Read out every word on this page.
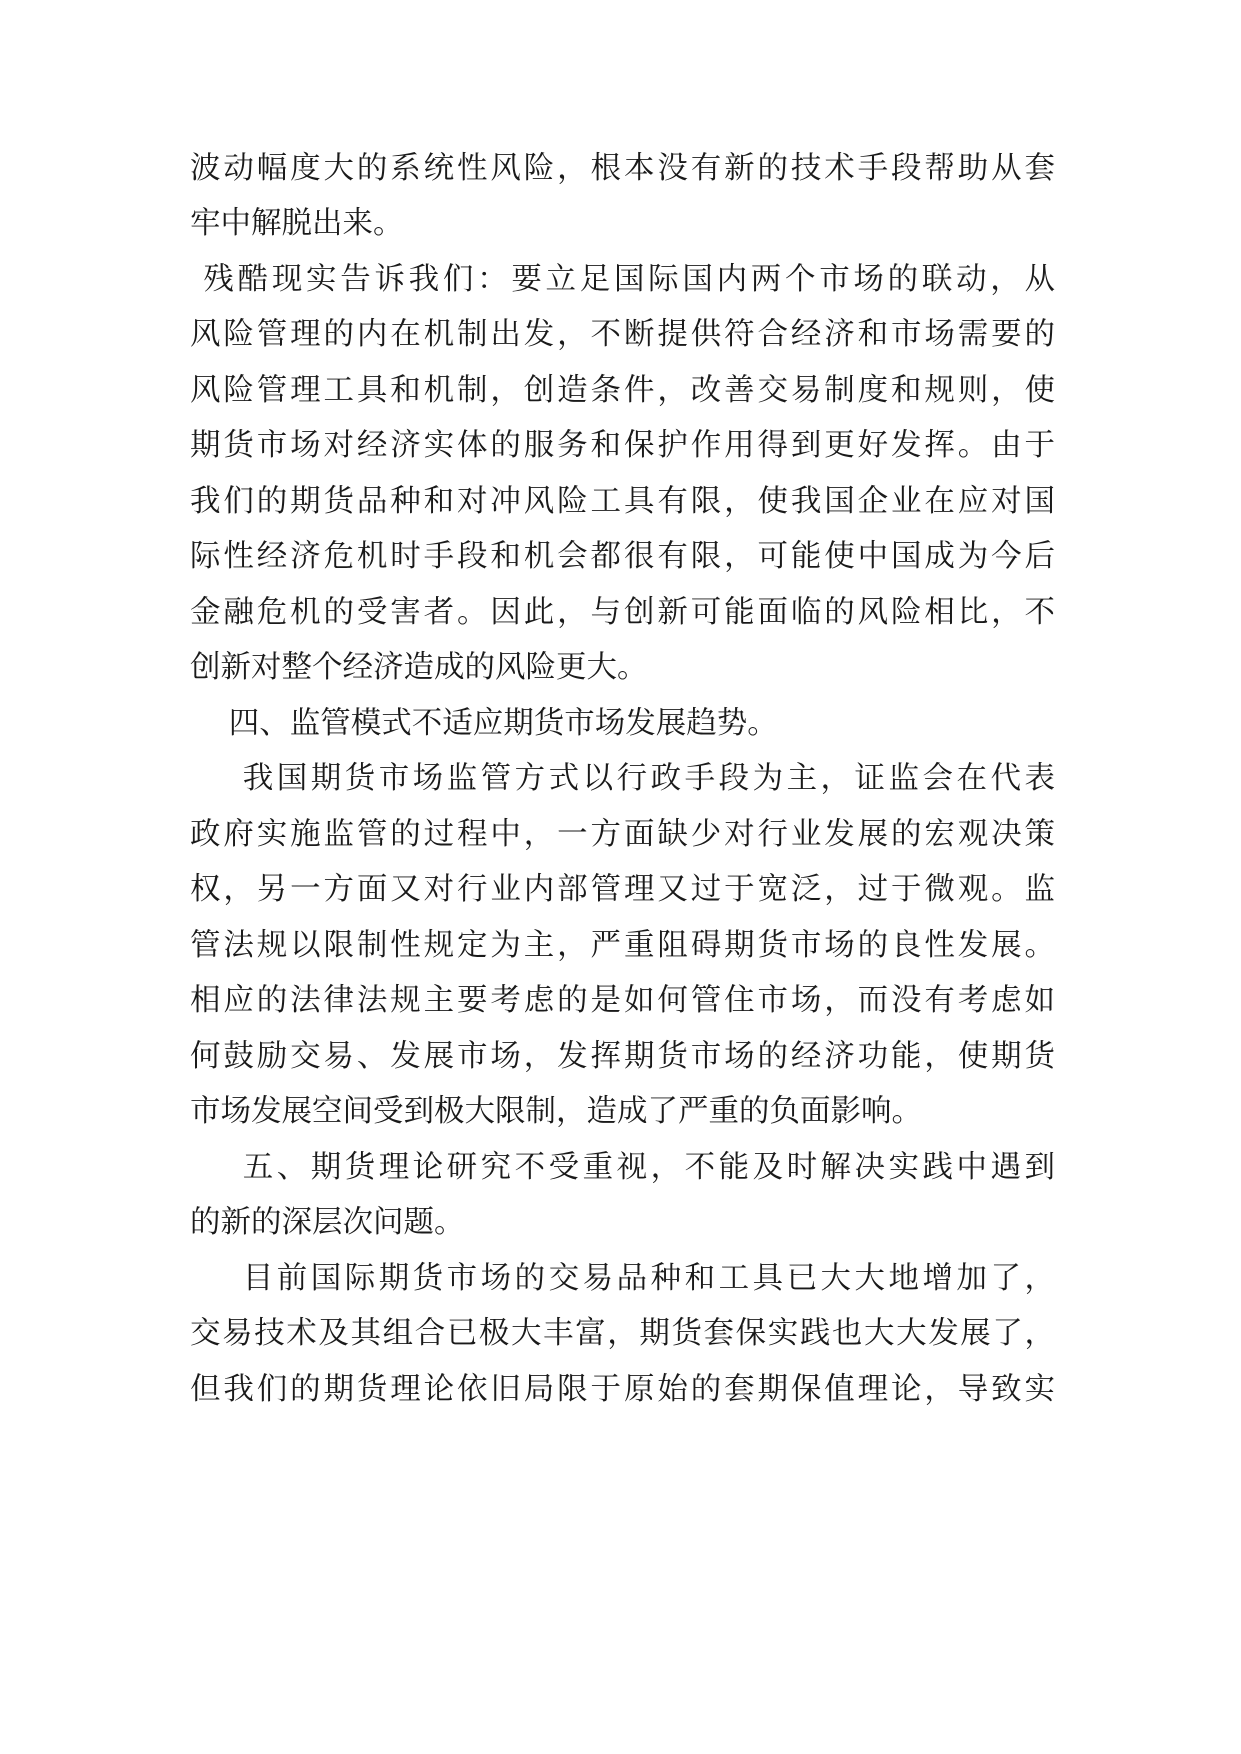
波动幅度大的系统性风险，根本没有新的技术手段帮助从套
牢中解脱出来。
残酷现实告诉我们：要立足国际国内两个市场的联动，从
风险管理的内在机制出发，不断提供符合经济和市场需要的
风险管理工具和机制，创造条件，改善交易制度和规则，使
期货市场对经济实体的服务和保护作用得到更好发挥。由于
我们的期货品种和对冲风险工具有限，使我国企业在应对国
际性经济危机时手段和机会都很有限，可能使中国成为今后
金融危机的受害者。因此，与创新可能面临的风险相比，不
创新对整个经济造成的风险更大。
四、监管模式不适应期货市场发展趋势。
我国期货市场监管方式以行政手段为主，证监会在代表
政府实施监管的过程中，一方面缺少对行业发展的宏观决策
权，另一方面又对行业内部管理又过于宽泛，过于微观。监
管法规以限制性规定为主，严重阻碍期货市场的良性发展。
相应的法律法规主要考虑的是如何管住市场，而没有考虑如
何鼓励交易、发展市场，发挥期货市场的经济功能，使期货
市场发展空间受到极大限制，造成了严重的负面影响。
五、期货理论研究不受重视，不能及时解决实践中遇到
的新的深层次问题。
目前国际期货市场的交易品种和工具已大大地增加了，
交易技术及其组合已极大丰富，期货套保实践也大大发展了，
但我们的期货理论依旧局限于原始的套期保值理论，导致实
